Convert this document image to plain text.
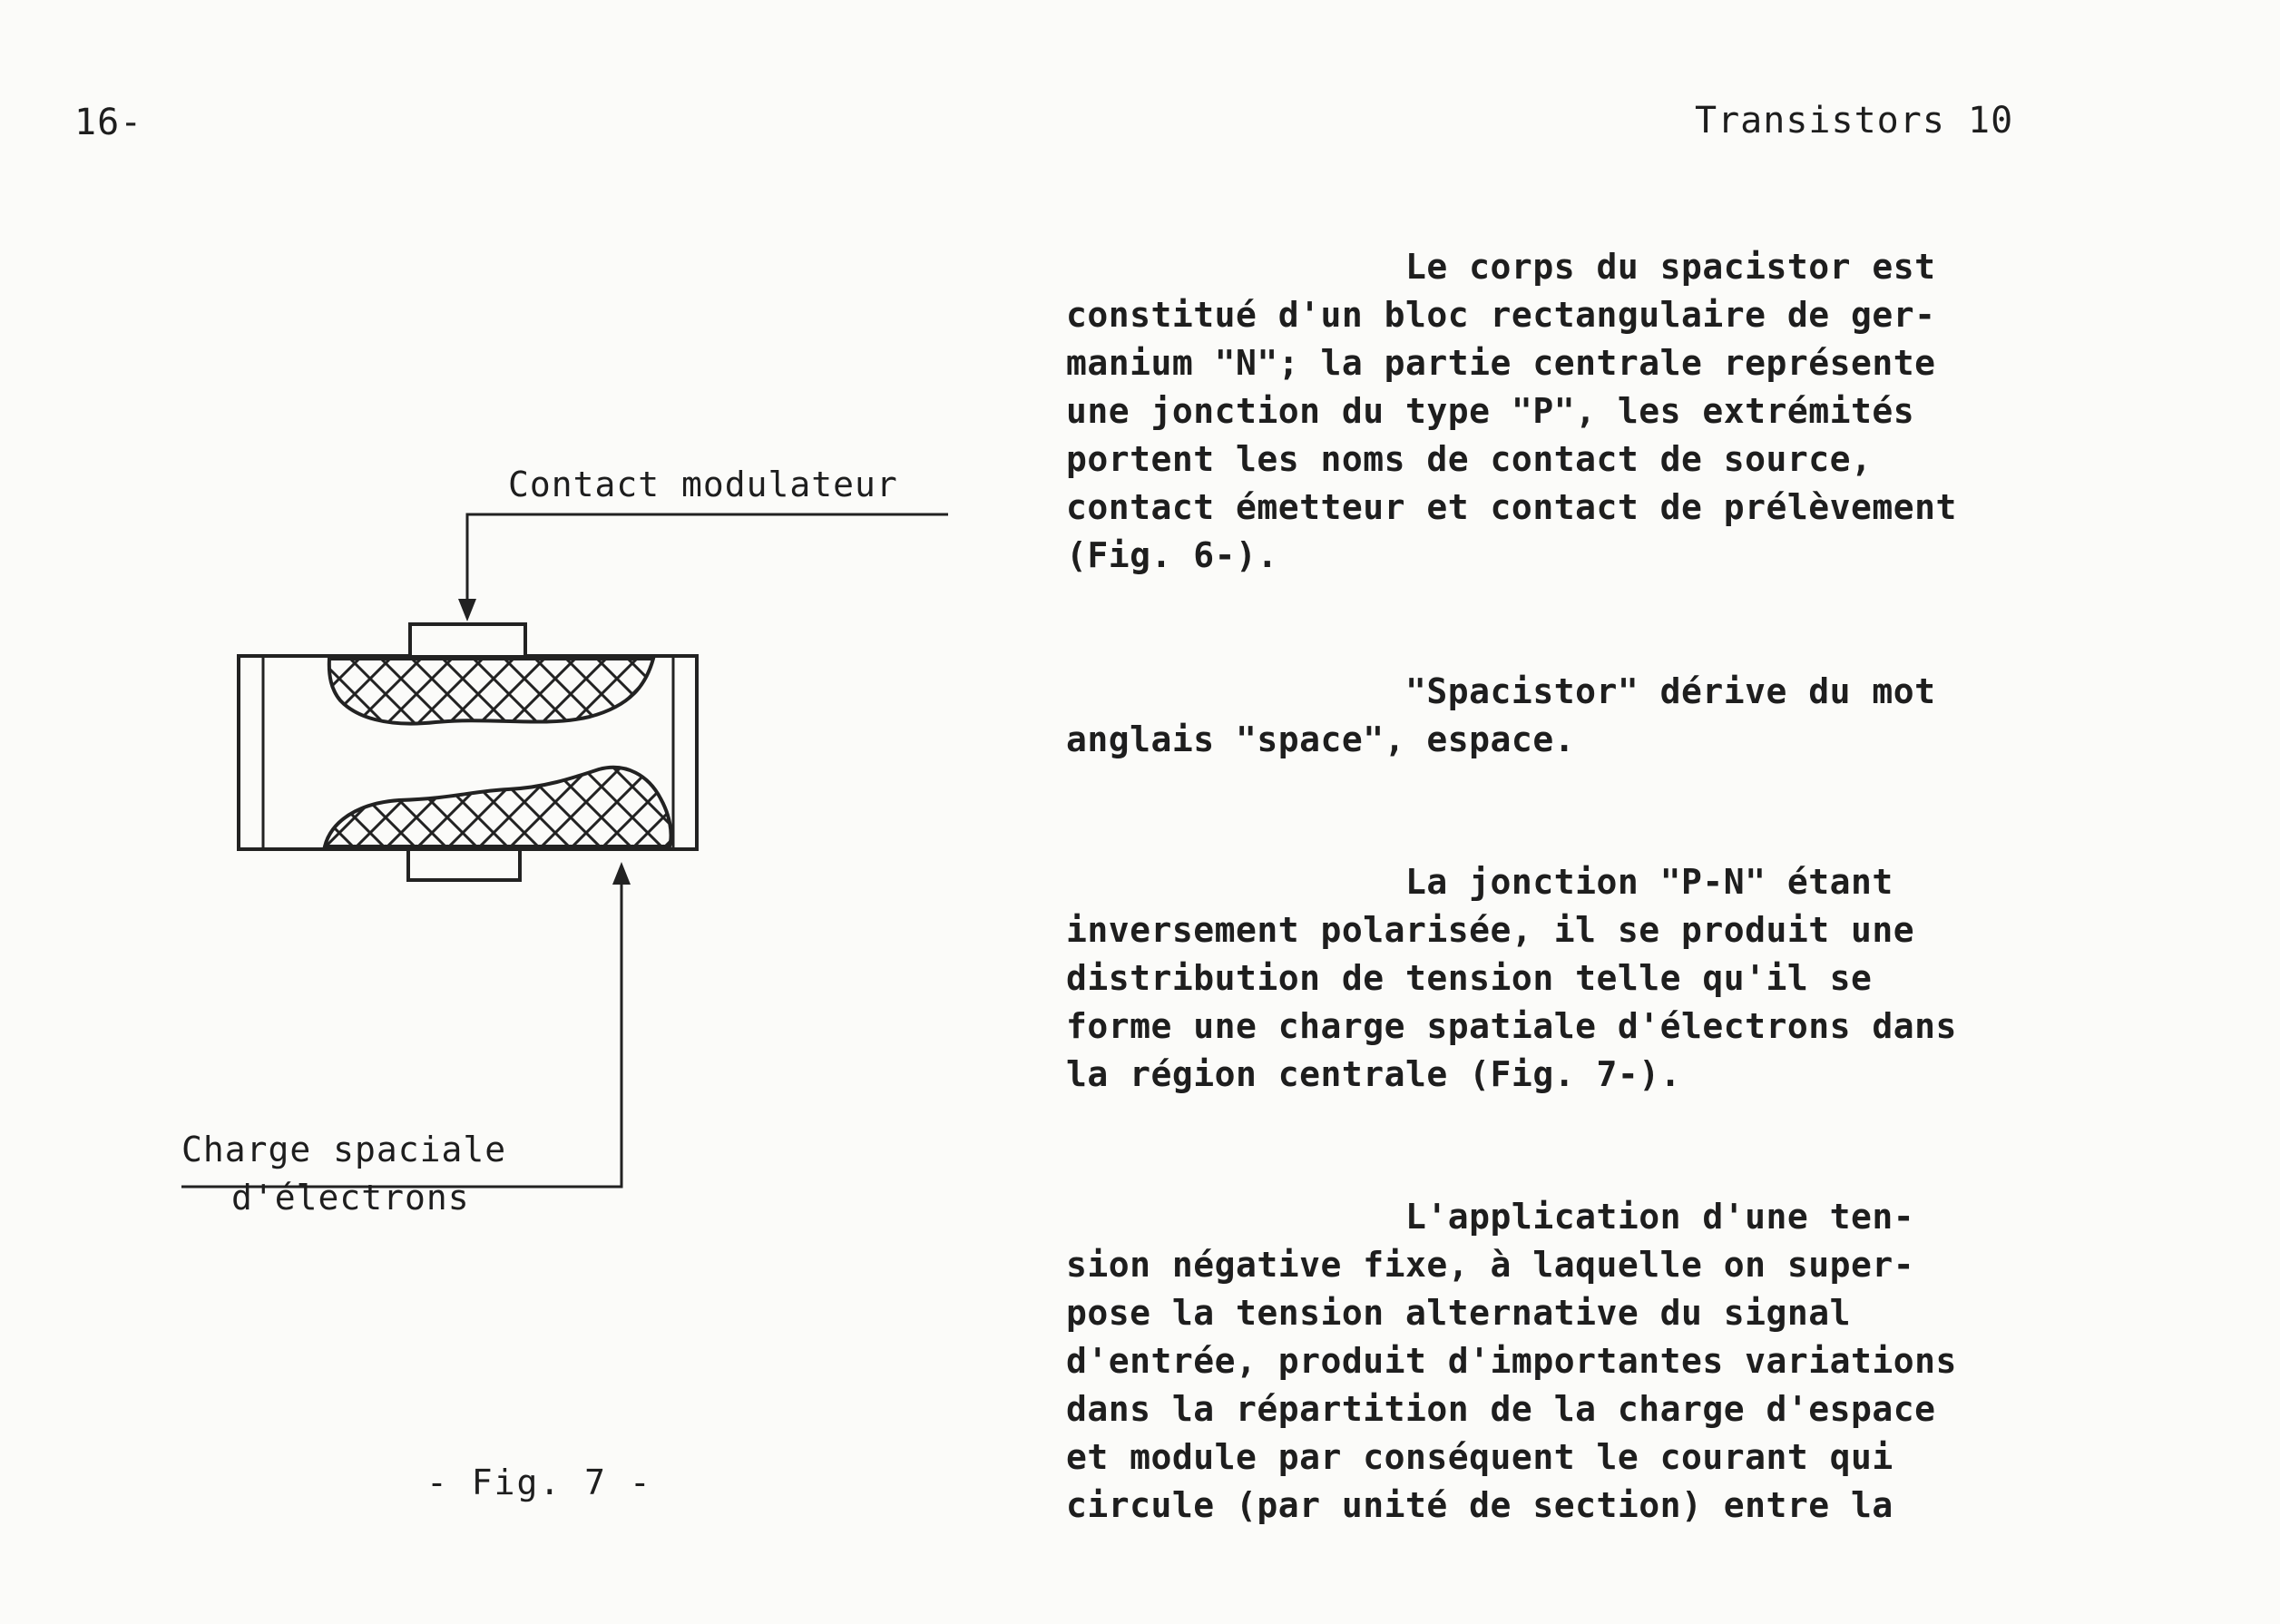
16-	Transistors 10
Contact modulateur
Charge spaciale
d'électrons
- Fig. 7 -

Le corps du spacistor est
constitué d'un bloc rectangulaire de ger-
manium "N"; la partie centrale représente
une jonction du type "P", les extrémités
portent les noms de contact de source,
contact émetteur et contact de prélèvement
(Fig. 6-).

"Spacistor" dérive du mot
anglais "space", espace.

La jonction "P-N" étant
inversement polarisée, il se produit une
distribution de tension telle qu'il se
forme une charge spatiale d'électrons dans
la région centrale (Fig. 7-).

L'application d'une ten-
sion négative fixe, à laquelle on super-
pose la tension alternative du signal
d'entrée, produit d'importantes variations
dans la répartition de la charge d'espace
et module par conséquent le courant qui
circule (par unité de section) entre la
